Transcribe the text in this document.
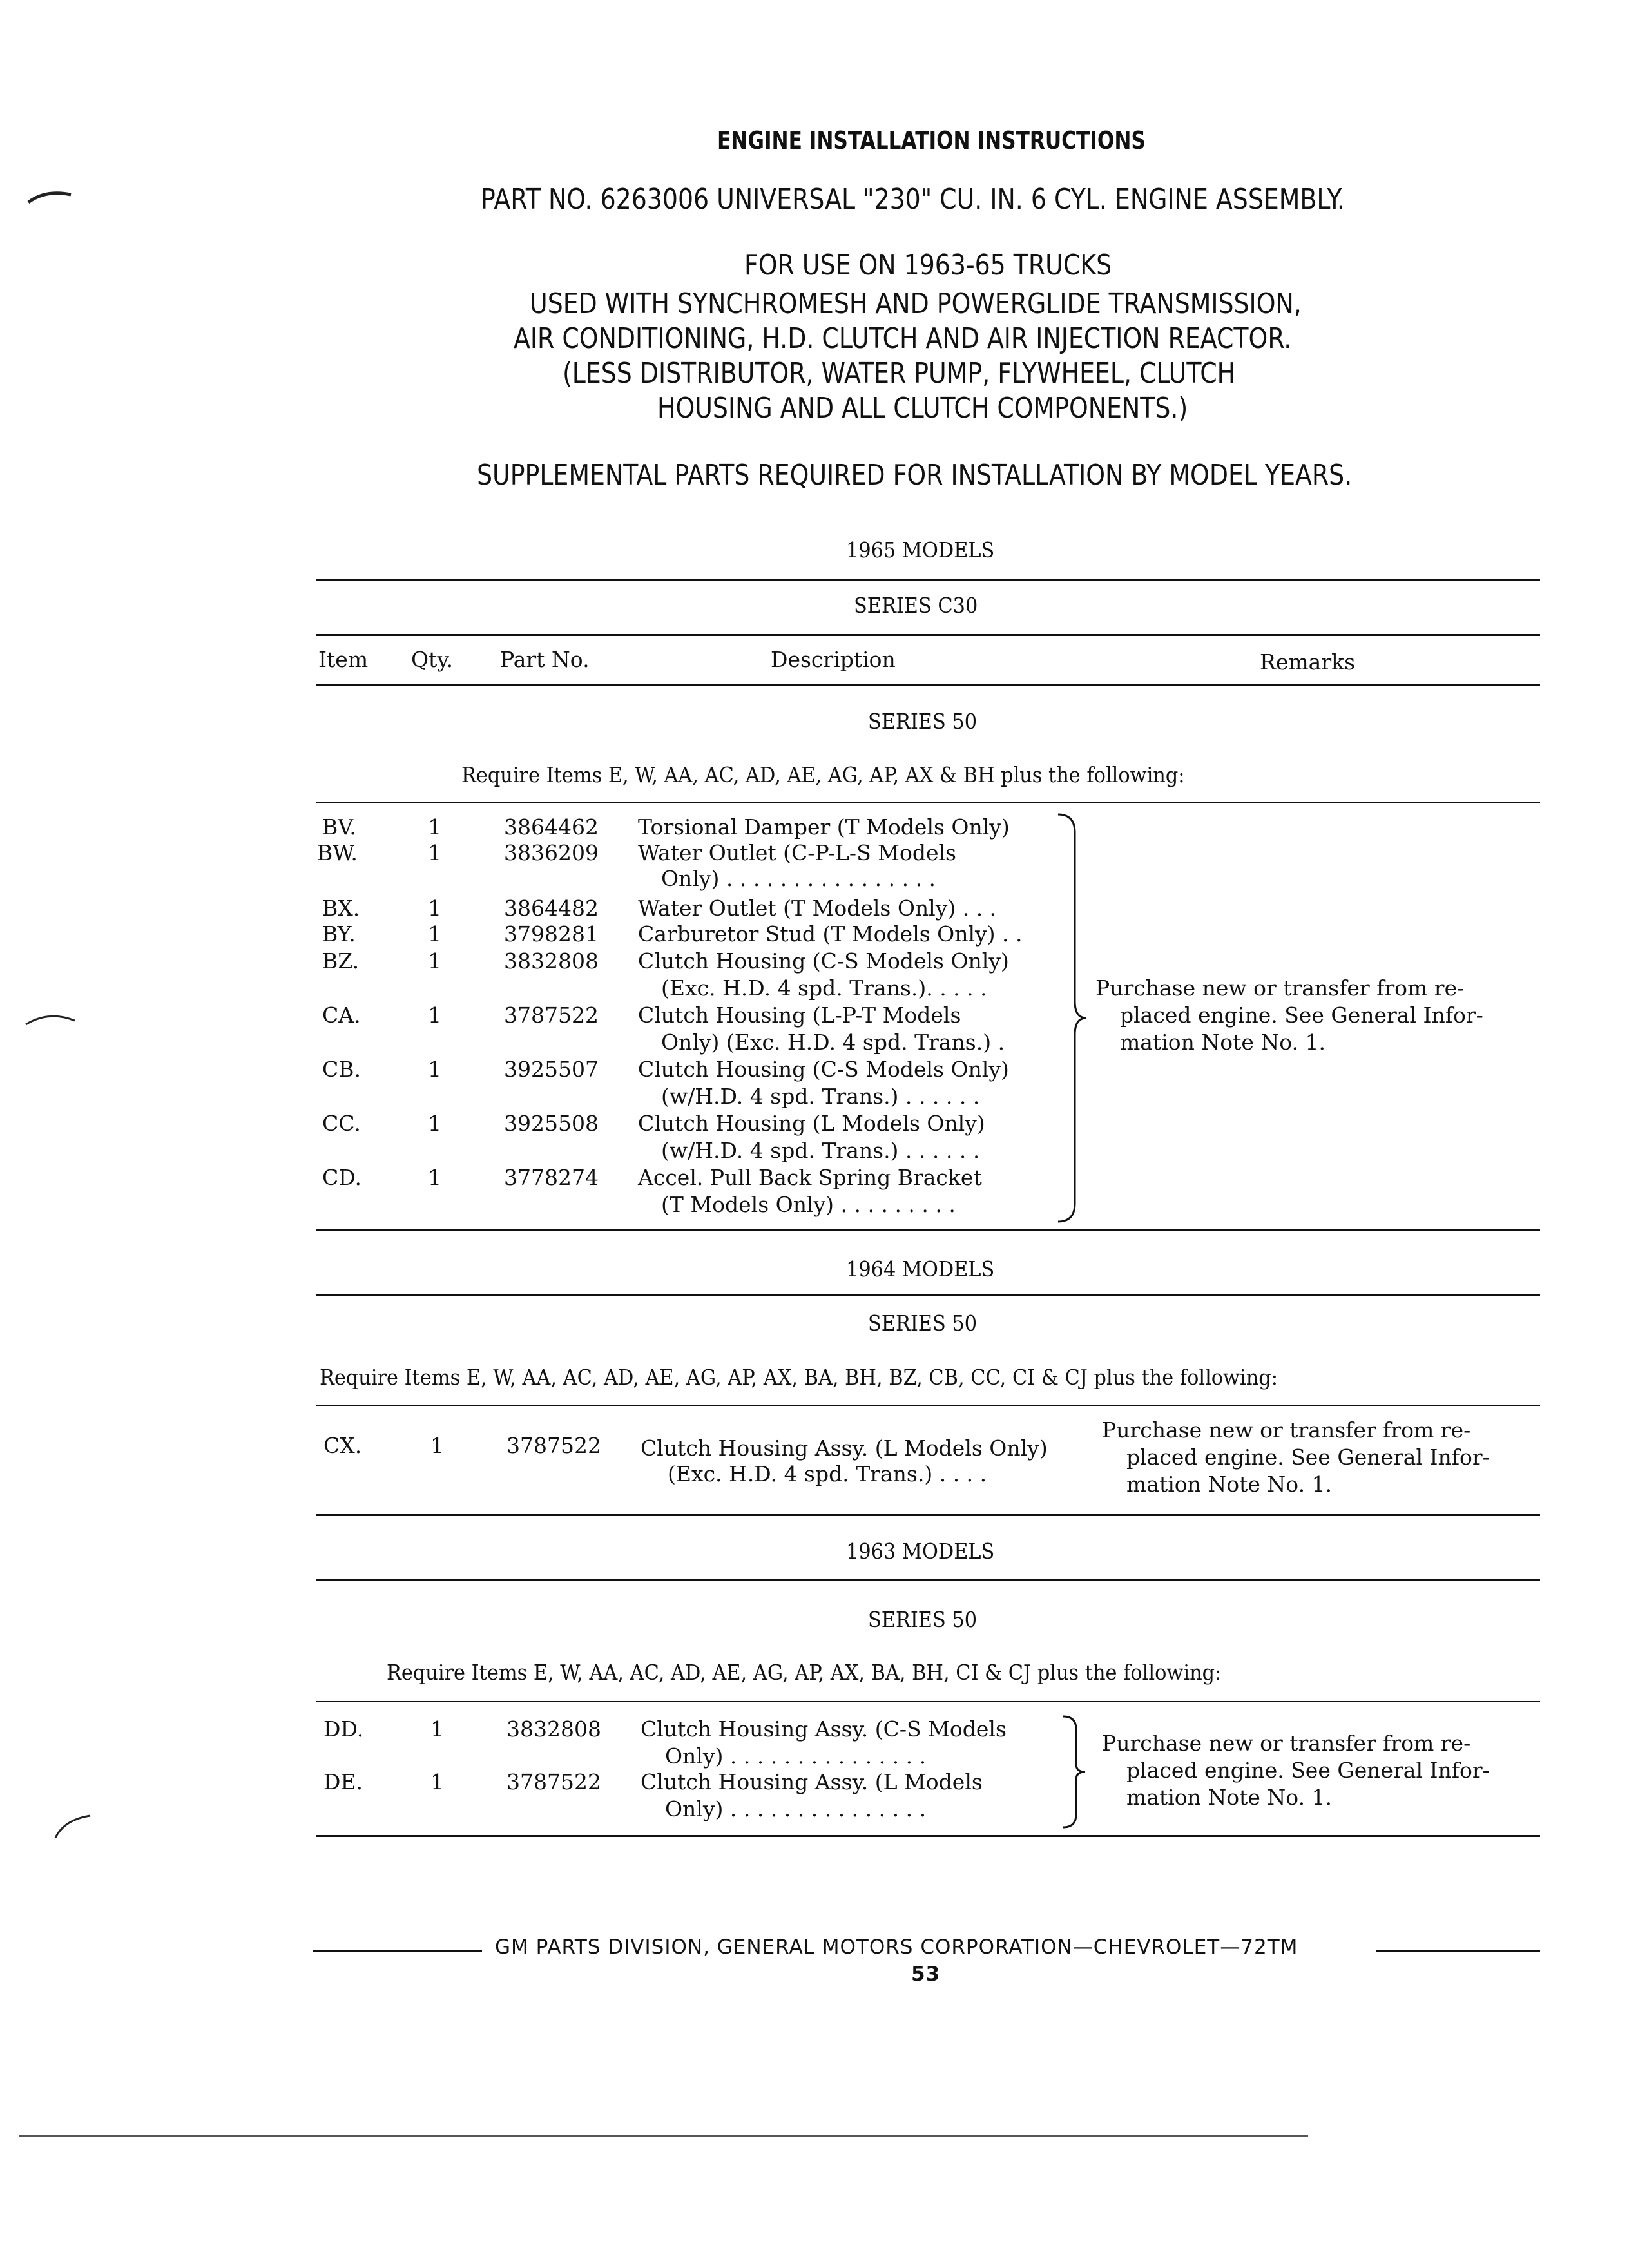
ENGINE INSTALLATION INSTRUCTIONS
PART NO. 6263006 UNIVERSAL "230" CU. IN. 6 CYL. ENGINE ASSEMBLY.
FOR USE ON 1963-65 TRUCKS
USED WITH SYNCHROMESH AND POWERGLIDE TRANSMISSION,
AIR CONDITIONING, H.D. CLUTCH AND AIR INJECTION REACTOR.
(LESS DISTRIBUTOR, WATER PUMP, FLYWHEEL, CLUTCH
HOUSING AND ALL CLUTCH COMPONENTS.)
SUPPLEMENTAL PARTS REQUIRED FOR INSTALLATION BY MODEL YEARS.
1965 MODELS
SERIES C30
Item Qty. Part No.	Description	Remarks
SERIES 50
Require Items E, W, AA, AC, AD, AE, AG, AP, AX & BH plus the following:
BV.	1	3864462 Torsional Damper (T Models Only)
BW.	1	3836209 Water Outlet (C-P-L-S Models
Only) . . . . . . . . . . . . . . . .
BX.	1	3864482 Water Outlet (T Models Only) . . .
BY.	1	3798281 Carburetor Stud (T Models Only) . .
BZ.	1	3832808 Clutch Housing (C-S Models Only)
(Exc. H.D. 4 spd. Trans.). . . . .
CA.	1	3787522 Clutch Housing (L-P-T Models
Only) (Exc. H.D. 4 spd. Trans.) .
CB.	1	3925507 Clutch Housing (C-S Models Only)
(w/H.D. 4 spd. Trans.) . . . . . .
CC.	1	3925508 Clutch Housing (L Models Only)
(w/H.D. 4 spd. Trans.) . . . . . .
CD.	1	3778274 Accel. Pull Back Spring Bracket
(T Models Only) . . . . . . . . .
Purchase new or transfer from re-
placed engine. See General Infor-
mation Note No. 1.
1964 MODELS
SERIES 50
Require Items E, W, AA, AC, AD, AE, AG, AP, AX, BA, BH, BZ, CB, CC, CI & CJ plus the following:
CX.	1	3787522 Clutch Housing Assy. (L Models Only)
(Exc. H.D. 4 spd. Trans.) . . . .
Purchase new or transfer from re-
placed engine. See General Infor-
mation Note No. 1.
1963 MODELS
SERIES 50
Require Items E, W, AA, AC, AD, AE, AG, AP, AX, BA, BH, CI & CJ plus the following:
DD.	1	3832808 Clutch Housing Assy. (C-S Models
Only) . . . . . . . . . . . . . . .
DE.	1	3787522 Clutch Housing Assy. (L Models
Only) . . . . . . . . . . . . . . .
Purchase new or transfer from re-
placed engine. See General Infor-
mation Note No. 1.
GM PARTS DIVISION, GENERAL MOTORS CORPORATION—CHEVROLET—72TM
53
